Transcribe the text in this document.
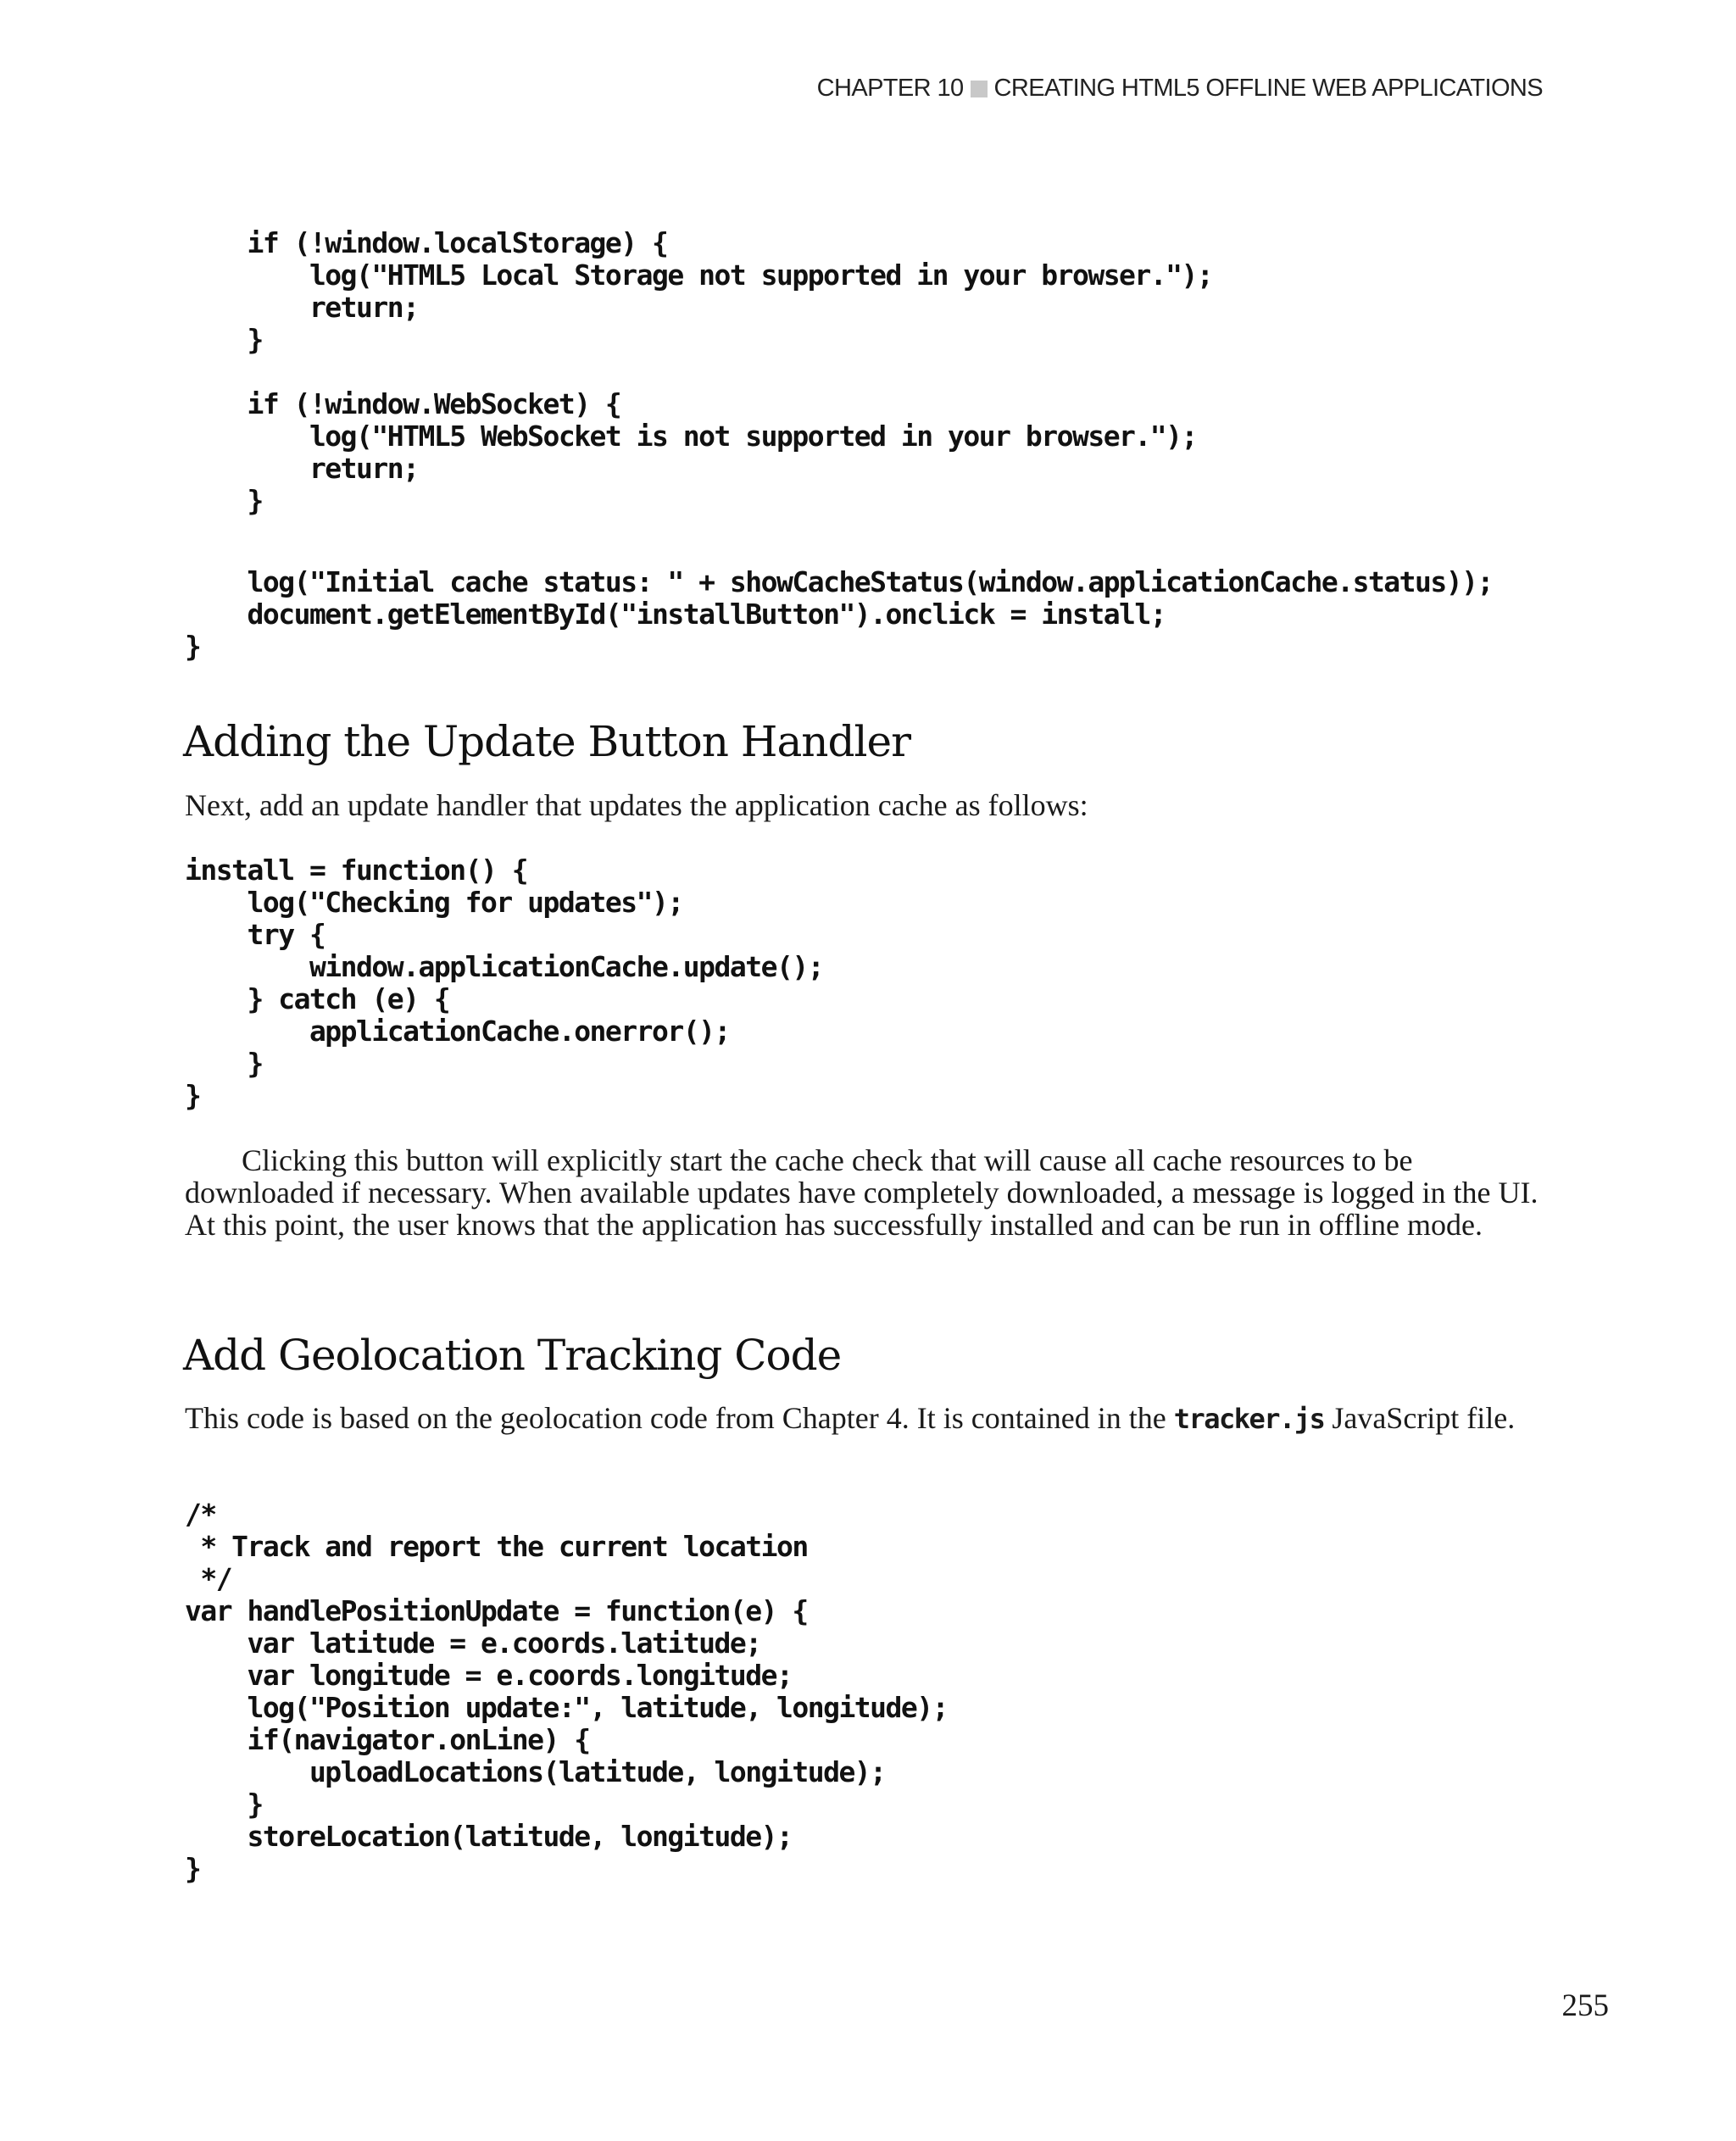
CHAPTER 10 CREATING HTML5 OFFLINE WEB APPLICATIONS
if (!window.localStorage) {
log("HTML5 Local Storage not supported in your browser.");
return;
}

if (!window.WebSocket) {
log("HTML5 WebSocket is not supported in your browser.");
return;
}
log("Initial cache status: " + showCacheStatus(window.applicationCache.status));
document.getElementById("installButton").onclick = install;
}
Adding the Update Button Handler

Next, add an update handler that updates the application cache as follows:

install = function() {
log("Checking for updates");
try {
window.applicationCache.update();
} catch (e) {
applicationCache.onerror();
}
}

Clicking this button will explicitly start the cache check that will cause all cache resources to be downloaded if necessary. When available updates have completely downloaded, a message is logged in the UI. At this point, the user knows that the application has successfully installed and can be run in offline mode.

Add Geolocation Tracking Code

This code is based on the geolocation code from Chapter 4. It is contained in the tracker.js JavaScript file.

/*
* Track and report the current location
*/
var handlePositionUpdate = function(e) {
var latitude = e.coords.latitude;
var longitude = e.coords.longitude;
log("Position update:", latitude, longitude);
if(navigator.onLine) {
uploadLocations(latitude, longitude);
}
storeLocation(latitude, longitude);
}
255
